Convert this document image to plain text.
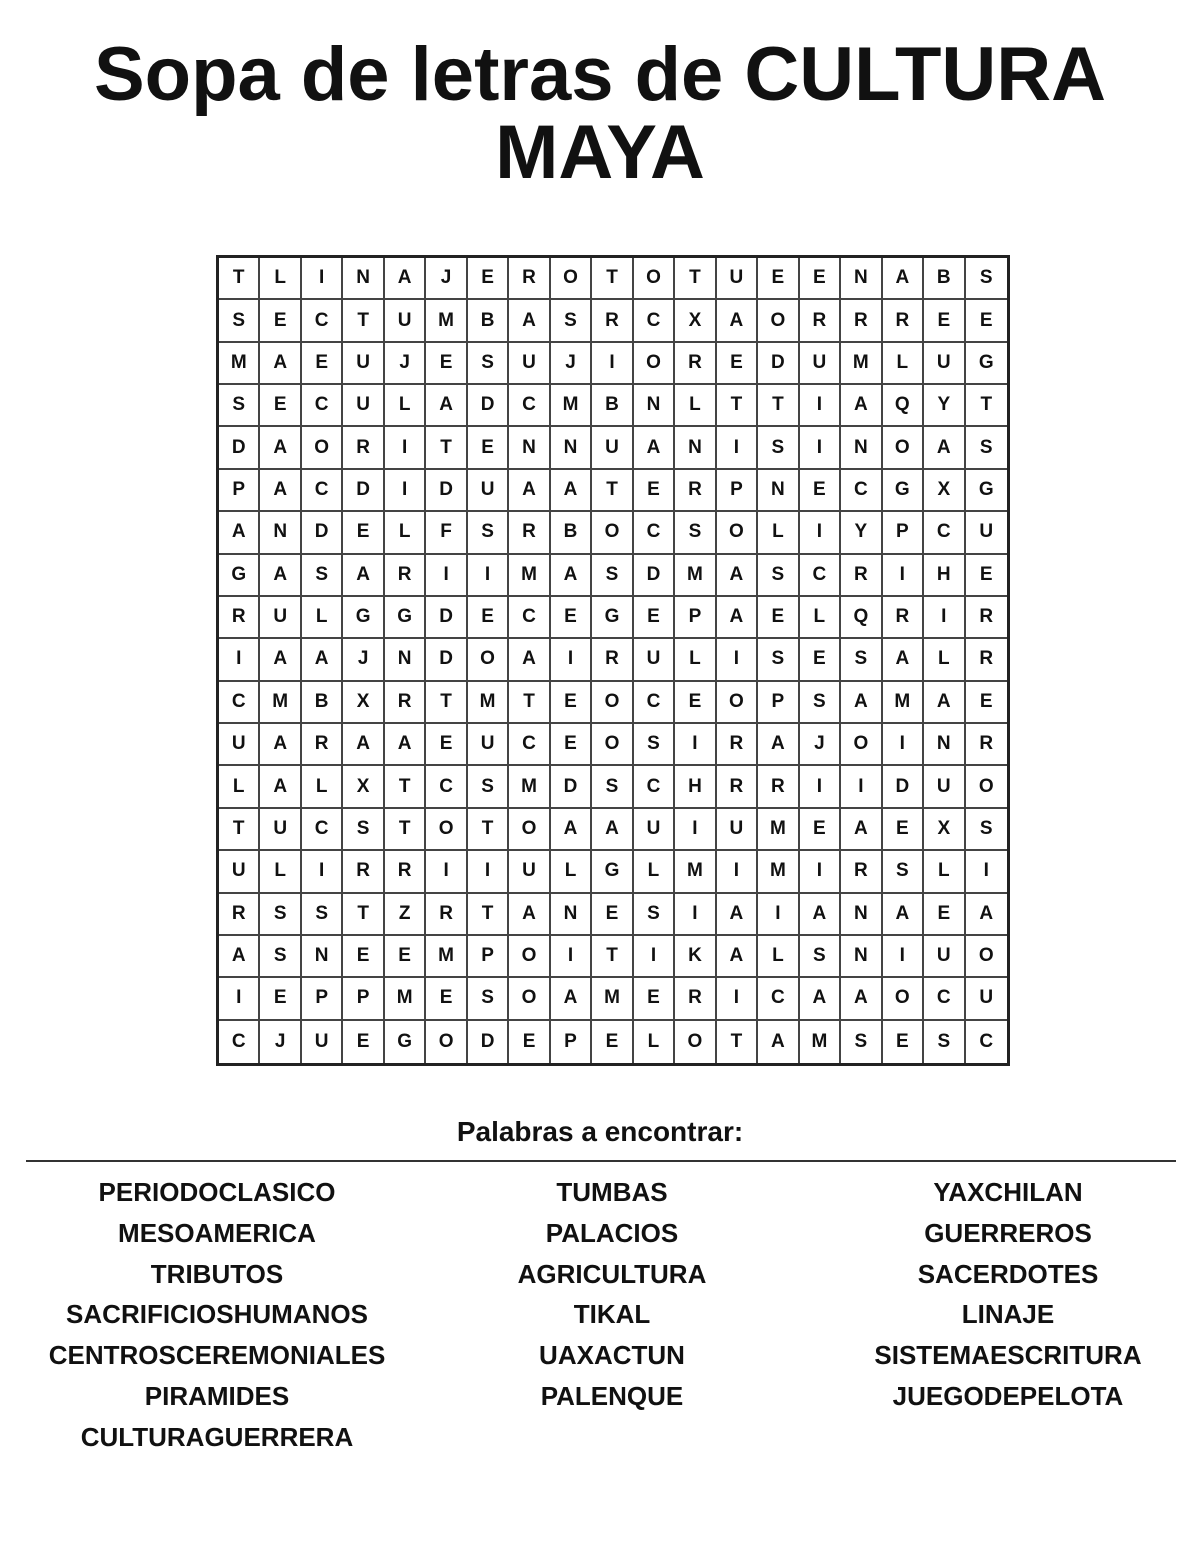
Sopa de letras de CULTURA MAYA
T	L	I	N	A	J	E	R	O	T	O	T	U	E	E	N	A	B	S
S	E	C	T	U	M	B	A	S	R	C	X	A	O	R	R	R	E	E
M	A	E	U	J	E	S	U	J	I	O	R	E	D	U	M	L	U	G
S	E	C	U	L	A	D	C	M	B	N	L	T	T	I	A	Q	Y	T
D	A	O	R	I	T	E	N	N	U	A	N	I	S	I	N	O	A	S
P	A	C	D	I	D	U	A	A	T	E	R	P	N	E	C	G	X	G
A	N	D	E	L	F	S	R	B	O	C	S	O	L	I	Y	P	C	U
G	A	S	A	R	I	I	M	A	S	D	M	A	S	C	R	I	H	E
R	U	L	G	G	D	E	C	E	G	E	P	A	E	L	Q	R	I	R
I	A	A	J	N	D	O	A	I	R	U	L	I	S	E	S	A	L	R
C	M	B	X	R	T	M	T	E	O	C	E	O	P	S	A	M	A	E
U	A	R	A	A	E	U	C	E	O	S	I	R	A	J	O	I	N	R
L	A	L	X	T	C	S	M	D	S	C	H	R	R	I	I	D	U	O
T	U	C	S	T	O	T	O	A	A	U	I	U	M	E	A	E	X	S
U	L	I	R	R	I	I	U	L	G	L	M	I	M	I	R	S	L	I
R	S	S	T	Z	R	T	A	N	E	S	I	A	I	A	N	A	E	A
A	S	N	E	E	M	P	O	I	T	I	K	A	L	S	N	I	U	O
I	E	P	P	M	E	S	O	A	M	E	R	I	C	A	A	O	C	U
C	J	U	E	G	O	D	E	P	E	L	O	T	A	M	S	E	S	C
Palabras a encontrar:
PERIODOCLASICO
MESOAMERICA
TRIBUTOS
SACRIFICIOSHUMANOS
CENTROSCEREMONIALES
PIRAMIDES
CULTURAGUERRERA
TUMBAS
PALACIOS
AGRICULTURA
TIKAL
UAXACTUN
PALENQUE
YAXCHILAN
GUERREROS
SACERDOTES
LINAJE
SISTEMAESCRITURA
JUEGODEPELOTA
